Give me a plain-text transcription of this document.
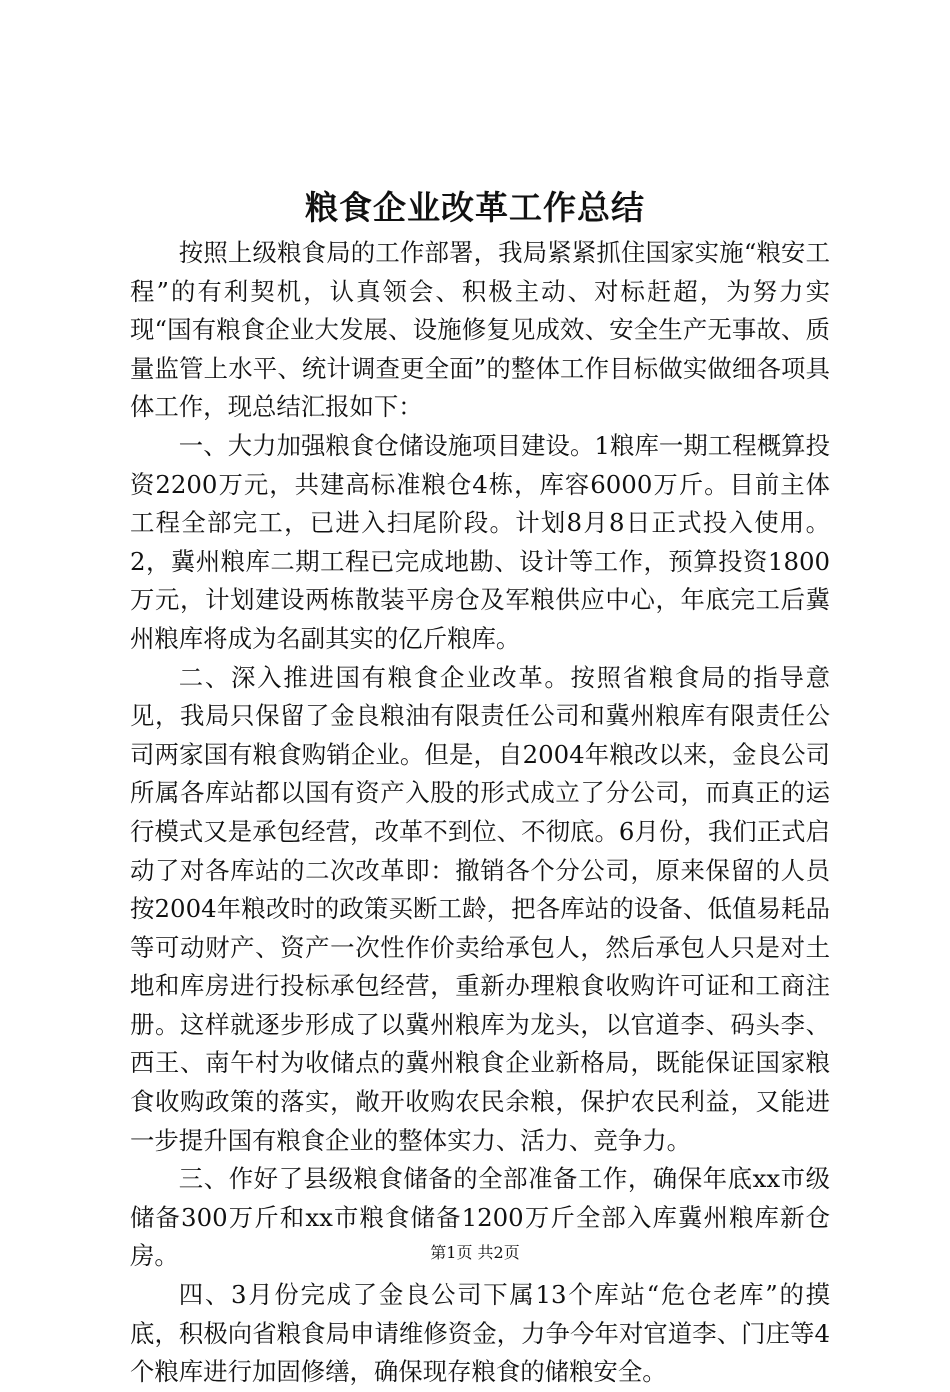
粮食企业改革工作总结

按照上级粮食局的工作部署，我局紧紧抓住国家实施“粮安工程”的有利契机，认真领会、积极主动、对标赶超，为努力实现“国有粮食企业大发展、设施修复见成效、安全生产无事故、质量监管上水平、统计调查更全面”的整体工作目标做实做细各项具体工作，现总结汇报如下：

一、大力加强粮食仓储设施项目建设。1粮库一期工程概算投资2200万元，共建高标准粮仓4栋，库容6000万斤。目前主体工程全部完工，已进入扫尾阶段。计划8月8日正式投入使用。2，冀州粮库二期工程已完成地勘、设计等工作，预算投资1800万元，计划建设两栋散装平房仓及军粮供应中心，年底完工后冀州粮库将成为名副其实的亿斤粮库。

二、深入推进国有粮食企业改革。按照省粮食局的指导意见，我局只保留了金良粮油有限责任公司和冀州粮库有限责任公司两家国有粮食购销企业。但是，自2004年粮改以来，金良公司所属各库站都以国有资产入股的形式成立了分公司，而真正的运行模式又是承包经营，改革不到位、不彻底。6月份，我们正式启动了对各库站的二次改革即：撤销各个分公司，原来保留的人员按2004年粮改时的政策买断工龄，把各库站的设备、低值易耗品等可动财产、资产一次性作价卖给承包人，然后承包人只是对土地和库房进行投标承包经营，重新办理粮食收购许可证和工商注册。这样就逐步形成了以冀州粮库为龙头，以官道李、码头李、西王、南午村为收储点的冀州粮食企业新格局，既能保证国家粮食收购政策的落实，敞开收购农民余粮，保护农民利益，又能进一步提升国有粮食企业的整体实力、活力、竞争力。

三、作好了县级粮食储备的全部准备工作，确保年底xx市级储备300万斤和xx市粮食储备1200万斤全部入库冀州粮库新仓房。

四、3月份完成了金良公司下属13个库站“危仓老库”的摸底，积极向省粮食局申请维修资金，力争今年对官道李、门庄等4个粮库进行加固修缮，确保现存粮食的储粮安全。

第1页 共2页
